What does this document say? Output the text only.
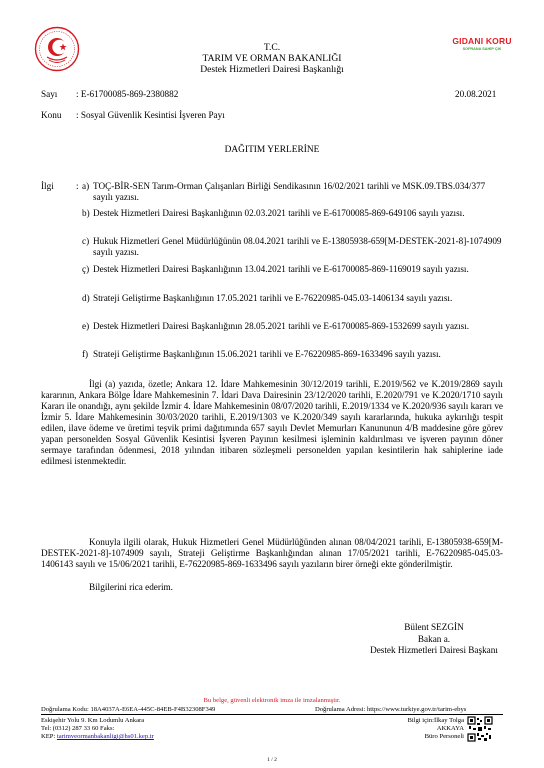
T.C.
TARIM VE ORMAN BAKANLIĞI
Destek Hizmetleri Dairesi Başkanlığı
GIDANI KORU
SOFRANA SAHİP ÇIK
Sayı : E-61700085-869-2380882	20.08.2021
Konu : Sosyal Güvenlik Kesintisi İşveren Payı
DAĞITIM YERLERİNE
İlgi : a) TOÇ-BİR-SEN Tarım-Orman Çalışanları Birliği Sendikasının 16/02/2021 tarihli ve MSK.09.TBS.034/377 sayılı yazısı.
b) Destek Hizmetleri Dairesi Başkanlığının 02.03.2021 tarihli ve E-61700085-869-649106 sayılı yazısı.
c) Hukuk Hizmetleri Genel Müdürlüğünün 08.04.2021 tarihli ve E-13805938-659[M-DESTEK-2021-8]-1074909 sayılı yazısı.
ç) Destek Hizmetleri Dairesi Başkanlığının 13.04.2021 tarihli ve E-61700085-869-1169019 sayılı yazısı.
d) Strateji Geliştirme Başkanlığının 17.05.2021 tarihli ve E-76220985-045.03-1406134 sayılı yazısı.
e) Destek Hizmetleri Dairesi Başkanlığının 28.05.2021 tarihli ve E-61700085-869-1532699 sayılı yazısı.
f) Strateji Geliştirme Başkanlığının 15.06.2021 tarihli ve E-76220985-869-1633496 sayılı yazısı.
İlgi (a) yazıda, özetle; Ankara 12. İdare Mahkemesinin 30/12/2019 tarihli, E.2019/562 ve K.2019/2869 sayılı kararının, Ankara Bölge İdare Mahkemesinin 7. İdari Dava Dairesinin 23/12/2020 tarihli, E.2020/791 ve K.2020/1710 sayılı Kararı ile onandığı, aynı şekilde İzmir 4. İdare Mahkemesinin 08/07/2020 tarihli, E.2019/1334 ve K.2020/936 sayılı kararı ve İzmir 5. İdare Mahkemesinin 30/03/2020 tarihli, E.2019/1303 ve K.2020/349 sayılı kararlarında, hukuka aykırılığı tespit edilen, ilave ödeme ve üretimi teşvik primi dağıtımında 657 sayılı Devlet Memurları Kanununun 4/B maddesine göre görev yapan personelden Sosyal Güvenlik Kesintisi İşveren Payının kesilmesi işleminin kaldırılması ve işveren payının döner sermaye tarafından ödenmesi, 2018 yılından itibaren sözleşmeli personelden yapılan kesintilerin hak sahiplerine iade edilmesi istenmektedir.
Konuyla ilgili olarak, Hukuk Hizmetleri Genel Müdürlüğünden alınan 08/04/2021 tarihli, E-13805938-659[M-DESTEK-2021-8]-1074909 sayılı, Strateji Geliştirme Başkanlığından alınan 17/05/2021 tarihli, E-76220985-045.03-1406143 sayılı ve 15/06/2021 tarihli, E-76220985-869-1633496 sayılı yazıların birer örneği ekte gönderilmiştir.
Bilgilerini rica ederim.
Bülent SEZGİN
Bakan a.
Destek Hizmetleri Dairesi Başkanı
Bu belge, güvenli elektronik imza ile imzalanmıştır.
Doğrulama Kodu: 18A4037A-E6EA-445C-84EB-F4B32308F349	Doğrulama Adresi: https://www.turkiye.gov.tr/tarim-ebys
Eskişehir Yolu 9. Km Lodumlu Ankara
Tel: (0312) 287 33 60 Faks:
KEP: tarimveormanbakanligi@hs01.kep.tr
Bilgi için:İlkay Tolga
AKKAYA
Büro Personeli
1 / 2
